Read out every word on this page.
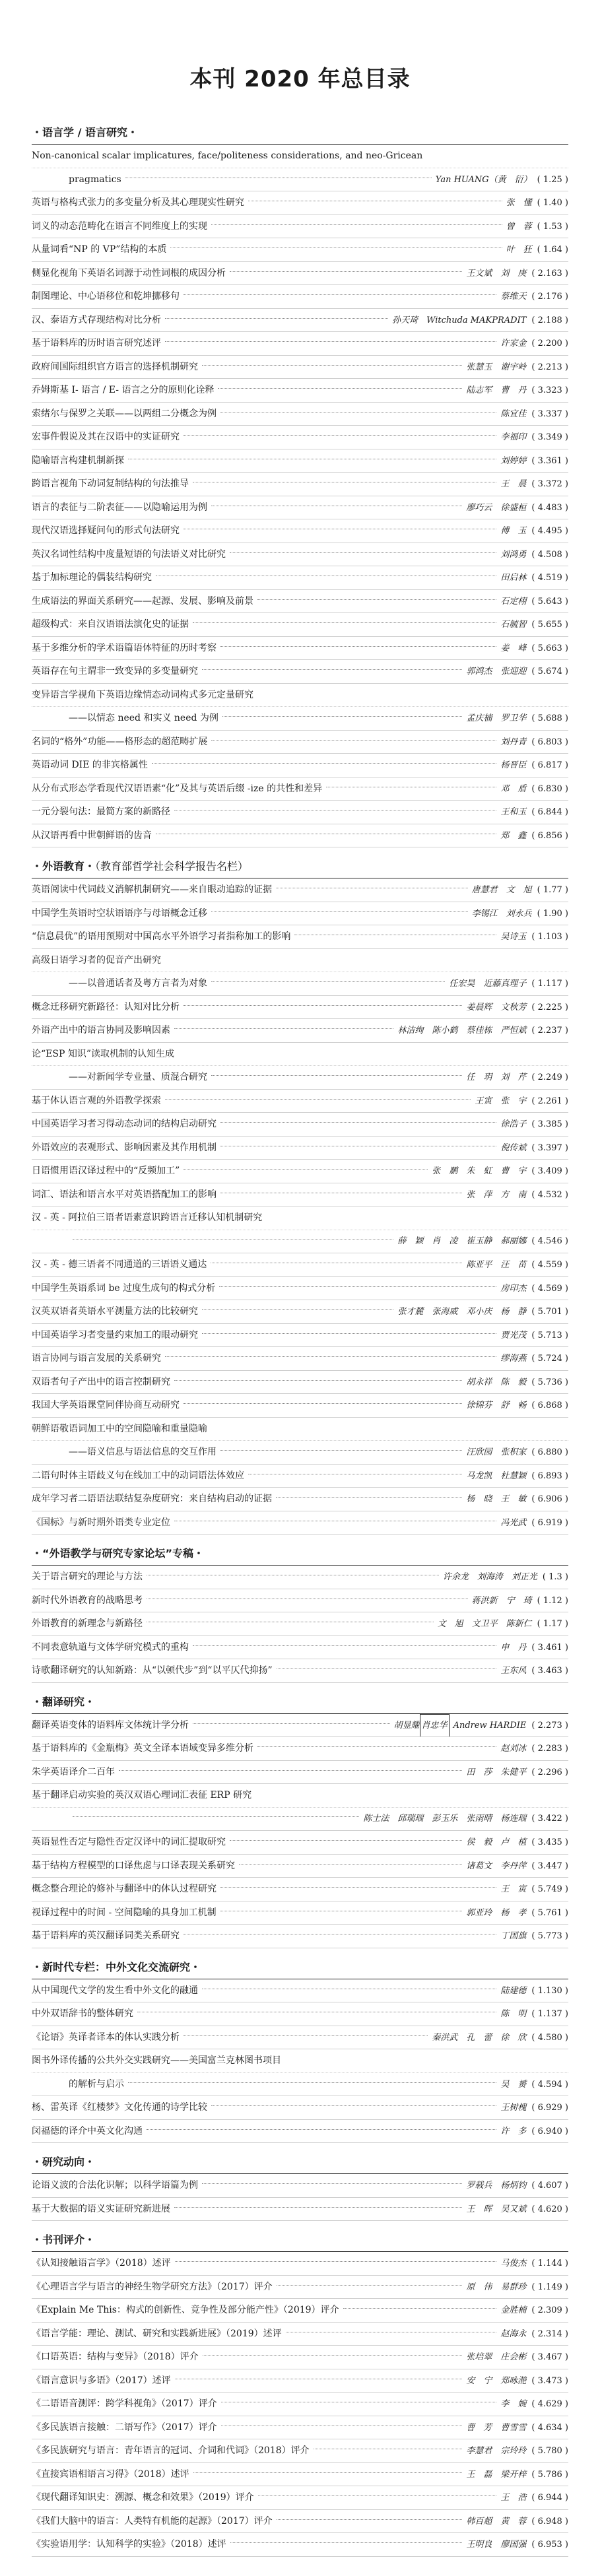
本刊 2020 年总目录
・语言学 / 语言研究・
Non-canonical scalar implicatures, face/politeness considerations, and neo-Gricean
pragmatics	Yan HUANG（黄　衍） ( 1.25 )
英语与格构式张力的多变量分析及其心理现实性研究	张　懂 ( 1.40 )
词义的动态范畴化在语言不同维度上的实现	曾　蓉 ( 1.53 )
从量词看“NP 的 VP”结构的本质	叶　狂 ( 1.64 )
侧显化视角下英语名词源于动性词根的成因分析	王文斌　刘　庚 ( 2.163 )
制图理论、中心语移位和乾坤挪移句	蔡维天 ( 2.176 )
汉、泰语方式存现结构对比分析	孙天琦　Witchuda MAKPRADIT ( 2.188 )
基于语料库的历时语言研究述评	许家金 ( 2.200 )
政府间国际组织官方语言的选择机制研究	张慧玉　谢宇岭 ( 2.213 )
乔姆斯基 I- 语言 / E- 语言之分的原则化诠释	陆志军　曹　丹 ( 3.323 )
索绪尔与保罗之关联——以两组二分概念为例	陈宜佳 ( 3.337 )
宏事件假说及其在汉语中的实证研究	李福印 ( 3.349 )
隐喻语言构建机制新探	刘婷婷 ( 3.361 )
跨语言视角下动词复制结构的句法推导	王　晨 ( 3.372 )
语言的表征与二阶表征——以隐喻运用为例	廖巧云　徐盛桓 ( 4.483 )
现代汉语选择疑问句的形式句法研究	傅　玉 ( 4.495 )
英汉名词性结构中度量短语的句法语义对比研究	刘鸿勇 ( 4.508 )
基于加标理论的偶装结构研究	田启林 ( 4.519 )
生成语法的界面关系研究——起源、发展、影响及前景	石定栩 ( 5.643 )
超级构式：来自汉语语法演化史的证据	石毓智 ( 5.655 )
基于多维分析的学术语篇语体特征的历时考察	姜　峰 ( 5.663 )
英语存在句主谓非一致变异的多变量研究	郭鸿杰　张迎迎 ( 5.674 )
变异语言学视角下英语边缘情态动词构式多元定量研究
——以情态 need 和实义 need 为例	孟庆楠　罗卫华 ( 5.688 )
名词的“格外”功能——格形态的超范畴扩展	刘丹青 ( 6.803 )
英语动词 DIE 的非宾格属性	杨晋臣 ( 6.817 )
从分布式形态学看现代汉语语素“化”及其与英语后缀 -ize 的共性和差异	邓　盾 ( 6.830 )
一元分裂句法：最简方案的新路径	王和玉 ( 6.844 )
从汉语再看中世朝鲜语的齿音	郑　鑫 ( 6.856 )
・外语教育・（教育部哲学社会科学报告名栏）
英语阅读中代词歧义消解机制研究——来自眼动追踪的证据	唐慧君　文　旭 ( 1.77 )
中国学生英语时空状语语序与母语概念迁移	李锡江　刘永兵 ( 1.90 )
“信息晨优”的语用预期对中国高水平外语学习者指称加工的影响	吴诗玉 ( 1.103 )
高级日语学习者的促音产出研究
——以普通话者及粤方言者为对象	任宏昊　近藤真理子 ( 1.117 )
概念迁移研究新路径：认知对比分析	姜晨辉　文秋芳 ( 2.225 )
外语产出中的语言协同及影响因素	林洁绚　陈小鹤　蔡佳栋　严恒斌 ( 2.237 )
论“ESP 知识”读取机制的认知生成
——对新闻学专业量、质混合研究	任　玥　刘　芹 ( 2.249 )
基于体认语言观的外语教学探索	王寅　张　宇 ( 2.261 )
中国英语学习者习得动态动词的结构启动研究	徐浩子 ( 3.385 )
外语效应的表观形式、影响因素及其作用机制	倪传斌 ( 3.397 )
日语惯用语汉译过程中的“反频加工”	张　鹏　朱　虹　曹　宇 ( 3.409 )
词汇、语法和语言水平对英语搭配加工的影响	张　萍　方　南 ( 4.532 )
汉 - 英 - 阿拉伯三语者语素意识跨语言迁移认知机制研究
薛　颖　肖　凌　崔玉静　郝丽娜 ( 4.546 )
汉 - 英 - 德三语者不同通道的三语语义通达	陈亚平　汪　苗 ( 4.559 )
中国学生英语系词 be 过度生成句的构式分析	房印杰 ( 4.569 )
汉英双语者英语水平测量方法的比较研究	张才麓　张海威　邓小庆　杨　静 ( 5.701 )
中国英语学习者变量约束加工的眼动研究	贾光茂 ( 5.713 )
语言协同与语言发展的关系研究	缪海燕 ( 5.724 )
双语者句子产出中的语言控制研究	胡永祥　陈　毅 ( 5.736 )
我国大学英语课堂同伴协商互动研究	徐锦芬　舒　畅 ( 6.868 )
朝鲜语敬语词加工中的空间隐喻和重量隐喻
——语义信息与语法信息的交互作用	汪欣园　张积家 ( 6.880 )
二语句时体主语歧义句在线加工中的动词语法体效应	马龙凯　杜慧颖 ( 6.893 )
成年学习者二语语法联结复杂度研究：来自结构启动的证据	杨　晓　王　敏 ( 6.906 )
《国标》与新时期外语类专业定位	冯光武 ( 6.919 )
・“外语教学与研究专家论坛”专稿・
关于语言研究的理论与方法	许余龙　刘海涛　刘正光 ( 1.3 )
新时代外语教育的战略思考	蒋洪新　宁　琦 ( 1.12 )
外语教育的新理念与新路径	文　旭　文卫平　陈新仁 ( 1.17 )
不同表意轨道与文体学研究模式的重构	申　丹 ( 3.461 )
诗歌翻译研究的认知新路：从“以顿代步”到“以平仄代抑扬”	王东风 ( 3.463 )
・翻译研究・
翻译英语变体的语料库文体统计学分析	胡显耀 肖忠华 Andrew HARDIE ( 2.273 )
基于语料库的《金瓶梅》英文全译本语域变异多维分析	赵刘冰 ( 2.283 )
朱学英语译介二百年	田　莎　朱健平 ( 2.296 )
基于翻译启动实验的英汉双语心理词汇表征 ERP 研究
陈士法　邱瑞瑞　彭玉乐　张雨晴　杨连瑞 ( 3.422 )
英语显性否定与隐性否定汉译中的词汇提取研究	侯　毅　卢　植 ( 3.435 )
基于结构方程模型的口译焦虑与口译表现关系研究	诸葛文　李丹萍 ( 3.447 )
概念整合理论的修补与翻译中的体认过程研究	王　寅 ( 5.749 )
视译过程中的时间 - 空间隐喻的具身加工机制	郭亚玲　杨　孝 ( 5.761 )
基于语料库的英汉翻译词类关系研究	丁国旗 ( 5.773 )
・新时代专栏：中外文化交流研究・
从中国现代文学的发生看中外文化的融通	陆建德 ( 1.130 )
中外双语辞书的整体研究	陈　明 ( 1.137 )
《论语》英译者译本的体认实践分析	秦洪武　孔　蕾　徐　欣 ( 4.580 )
图书外译传播的公共外交实践研究——美国富兰克林图书项目
的解析与启示	吴　赟 ( 4.594 )
杨、雷英译《红楼梦》文化传通的诗学比较	王树槐 ( 6.929 )
闵福德的译介中英文化沟通	许　多 ( 6.940 )
・研究动向・
论语义波的合法化识解；以科学语篇为例	罗载兵　杨炳钧 ( 4.607 )
基于大数据的语义实证研究新进展	王　晖　吴又斌 ( 4.620 )
・书刊评介・
《认知接触语言学》（2018）述评	马俊杰 ( 1.144 )
《心理语言学与语言的神经生物学研究方法》（2017）评介	原　伟　易群珍 ( 1.149 )
《Explain Me This：构式的创新性、竞争性及部分能产性》（2019）评介	金胜楠 ( 2.309 )
《语言学能：理论、测试、研究和实践新进展》（2019）述评	赵海永 ( 2.314 )
《口语英语：结构与变异》（2018）评介	张培翠　庄会彬 ( 3.467 )
《语言意识与多语》（2017）述评	安　宁　郑咏滟 ( 3.473 )
《二语语音测评：跨学科视角》（2017）评介	李　婉 ( 4.629 )
《多民族语言接触：二语写作》（2017）评介	曹　芳　曹雪雪 ( 4.634 )
《多民族研究与语言：青年语言的冠词、介词和代词》（2018）评介	李慧君　宗玲玲 ( 5.780 )
《直接宾语相语言习得》（2018）述评	王　磊　梁开梓 ( 5.786 )
《现代翻译知识史：溯源、概念和效果》（2019）评介	王　浩 ( 6.944 )
《我们大脑中的语言：人类特有机能的起源》（2017）评介	韩百超　黄　蓉 ( 6.948 )
《实验语用学：认知科学的实验》（2018）述评	王明良　廖国强 ( 6.953 )
